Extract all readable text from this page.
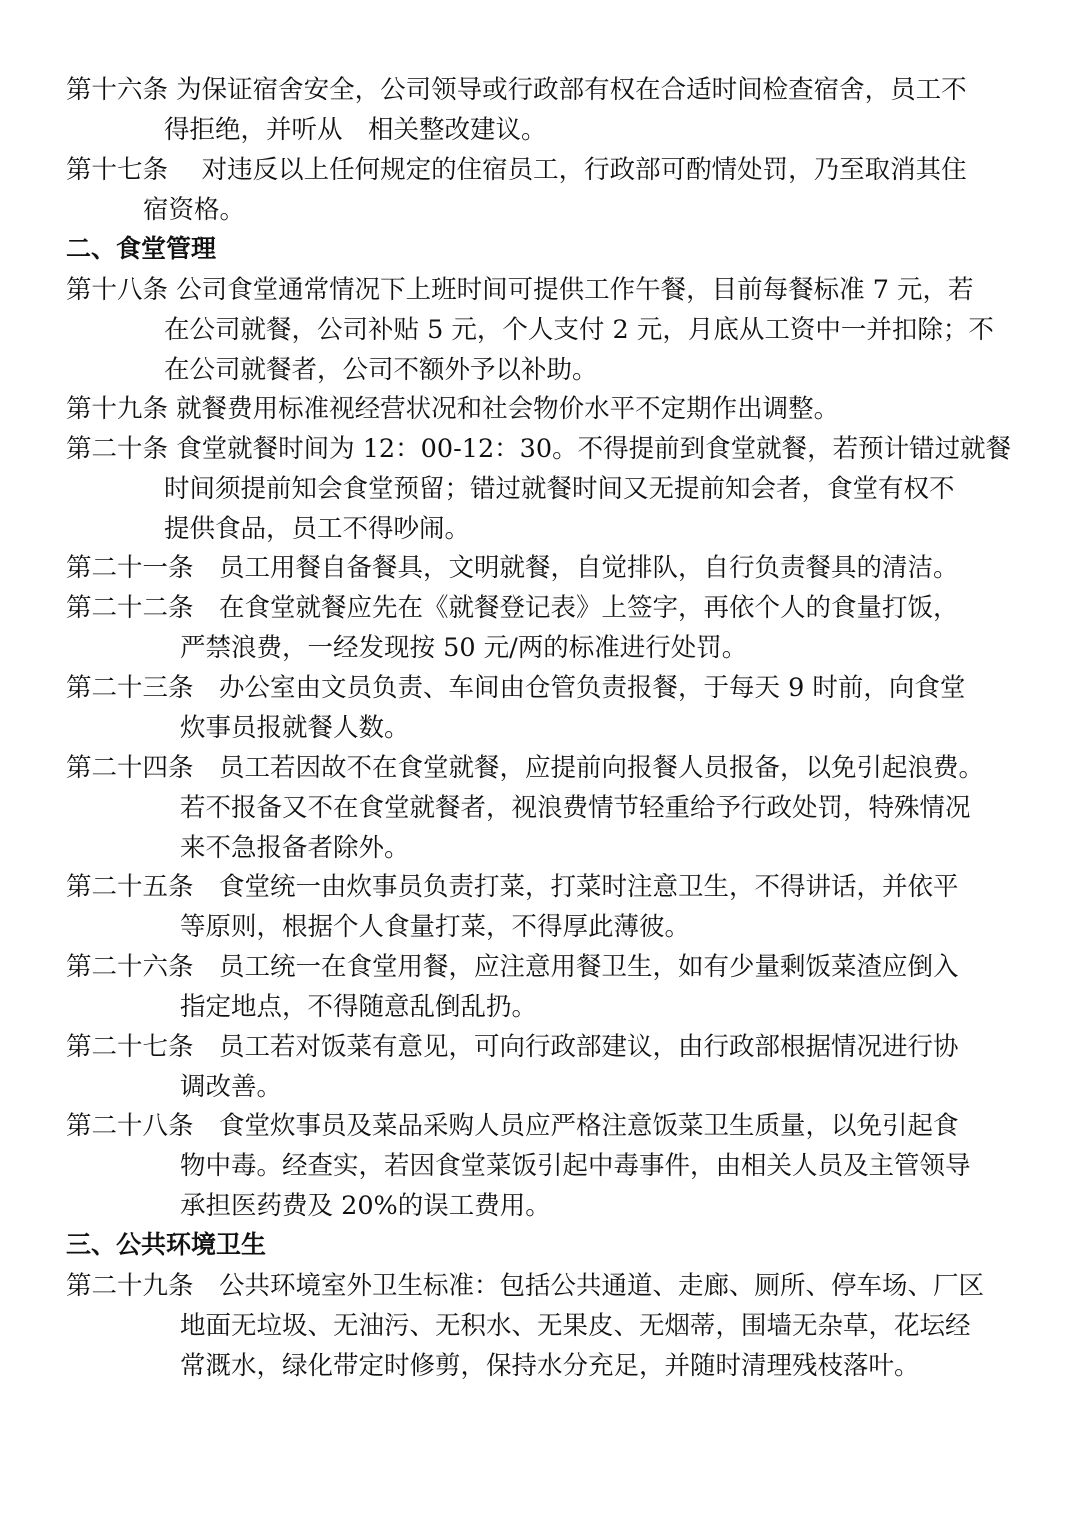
第十六条 为保证宿舍安全，公司领导或行政部有权在合适时间检查宿舍，员工不
得拒绝，并听从　相关整改建议。
第十七条　 对违反以上任何规定的住宿员工，行政部可酌情处罚，乃至取消其住
宿资格。
二、食堂管理
第十八条 公司食堂通常情况下上班时间可提供工作午餐，目前每餐标准 7 元，若
在公司就餐，公司补贴 5 元，个人支付 2 元，月底从工资中一并扣除；不
在公司就餐者，公司不额外予以补助。
第十九条 就餐费用标准视经营状况和社会物价水平不定期作出调整。
第二十条 食堂就餐时间为 12：00-12：30。不得提前到食堂就餐，若预计错过就餐
时间须提前知会食堂预留；错过就餐时间又无提前知会者，食堂有权不
提供食品，员工不得吵闹。
第二十一条　员工用餐自备餐具，文明就餐，自觉排队，自行负责餐具的清洁。
第二十二条　在食堂就餐应先在《就餐登记表》上签字，再依个人的食量打饭，
严禁浪费，一经发现按 50 元/两的标准进行处罚。
第二十三条　办公室由文员负责、车间由仓管负责报餐，于每天 9 时前，向食堂
炊事员报就餐人数。
第二十四条　员工若因故不在食堂就餐，应提前向报餐人员报备，以免引起浪费。
若不报备又不在食堂就餐者，视浪费情节轻重给予行政处罚，特殊情况
来不急报备者除外。
第二十五条　食堂统一由炊事员负责打菜，打菜时注意卫生，不得讲话，并依平
等原则，根据个人食量打菜，不得厚此薄彼。
第二十六条　员工统一在食堂用餐，应注意用餐卫生，如有少量剩饭菜渣应倒入
指定地点，不得随意乱倒乱扔。
第二十七条　员工若对饭菜有意见，可向行政部建议，由行政部根据情况进行协
调改善。
第二十八条　食堂炊事员及菜品采购人员应严格注意饭菜卫生质量，以免引起食
物中毒。经查实，若因食堂菜饭引起中毒事件，由相关人员及主管领导
承担医药费及 20%的误工费用。
三、公共环境卫生
第二十九条　公共环境室外卫生标准：包括公共通道、走廊、厕所、停车场、厂区
地面无垃圾、无油污、无积水、无果皮、无烟蒂，围墙无杂草，花坛经
常溉水，绿化带定时修剪，保持水分充足，并随时清理残枝落叶。
